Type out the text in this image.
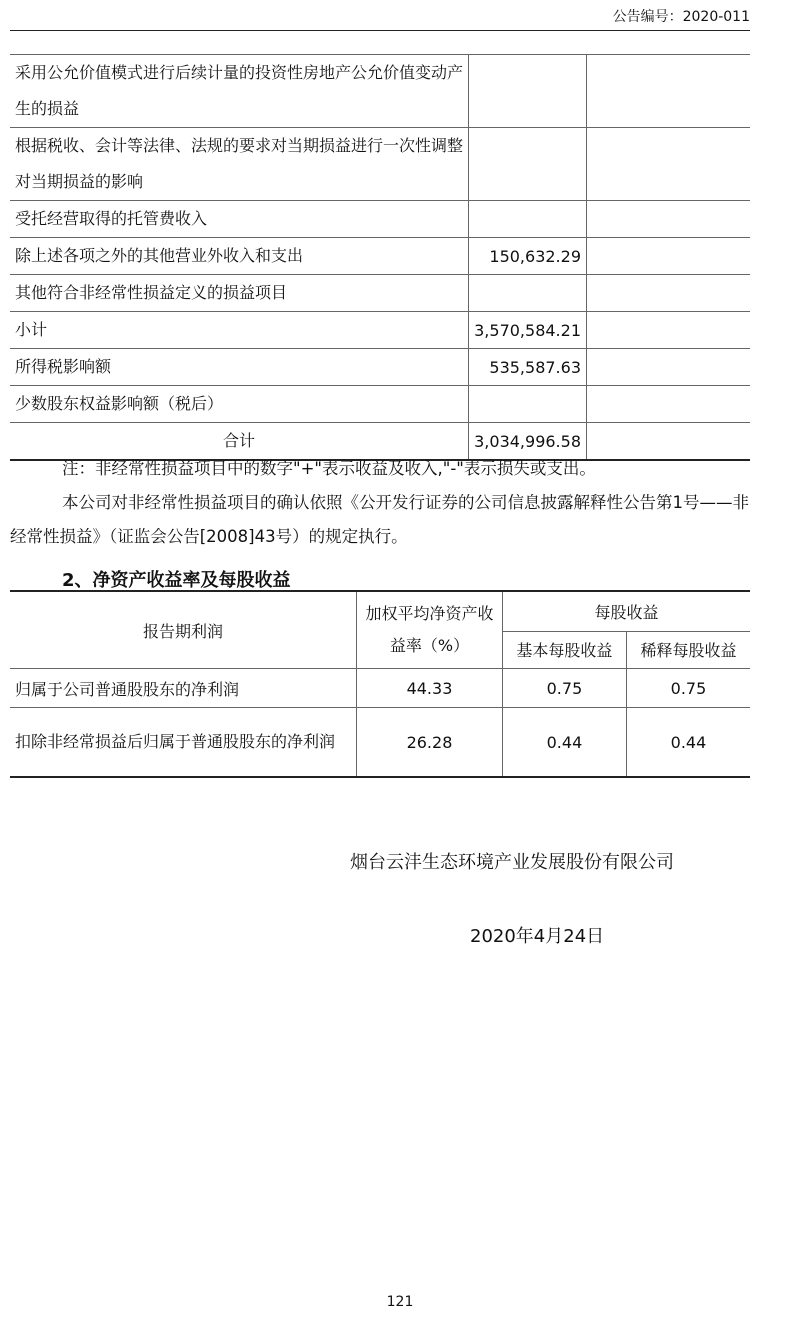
公告编号：2020-011
采用公允价值模式进行后续计量的投资性房地产公允价值变动产生的损益		
根据税收、会计等法律、法规的要求对当期损益进行一次性调整对当期损益的影响		
受托经营取得的托管费收入		
除上述各项之外的其他营业外收入和支出	150,632.29	
其他符合非经常性损益定义的损益项目		
小计	3,570,584.21	
所得税影响额	535,587.63	
少数股东权益影响额（税后）		
合计	3,034,996.58	
注：非经常性损益项目中的数字"+"表示收益及收入,"-"表示损失或支出。
本公司对非经常性损益项目的确认依照《公开发行证券的公司信息披露解释性公告第1号——非经常性损益》（证监会公告[2008]43号）的规定执行。
2、净资产收益率及每股收益
报告期利润	加权平均净资产收益率（%）	每股收益	
		基本每股收益	稀释每股收益
归属于公司普通股股东的净利润	44.33	0.75	0.75
扣除非经常损益后归属于普通股股东的净利润	26.28	0.44	0.44
烟台云沣生态环境产业发展股份有限公司
2020年4月24日
121
